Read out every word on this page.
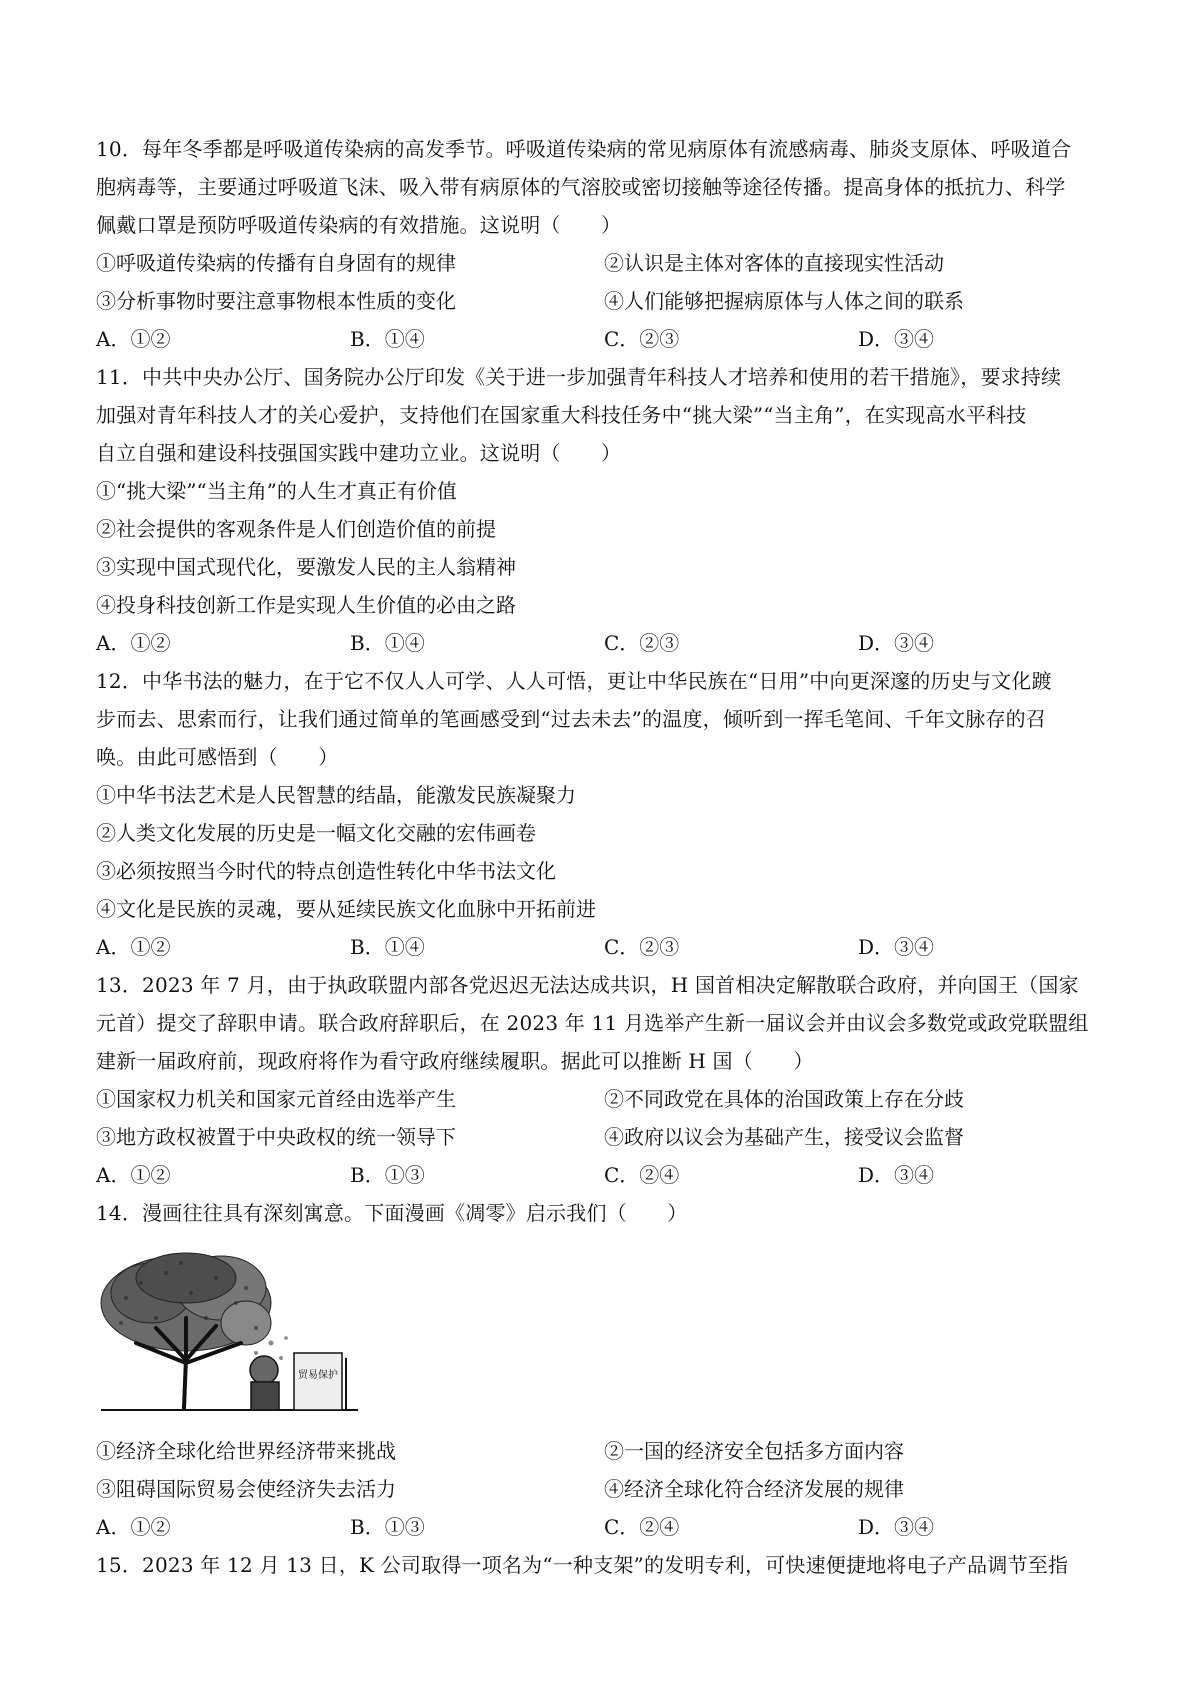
10．每年冬季都是呼吸道传染病的高发季节。呼吸道传染病的常见病原体有流感病毒、肺炎支原体、呼吸道合
胞病毒等，主要通过呼吸道飞沫、吸入带有病原体的气溶胶或密切接触等途径传播。提高身体的抵抗力、科学
佩戴口罩是预防呼吸道传染病的有效措施。这说明（　　）
①呼吸道传染病的传播有自身固有的规律	②认识是主体对客体的直接现实性活动
③分析事物时要注意事物根本性质的变化	④人们能够把握病原体与人体之间的联系
A．①②	B．①④	C．②③	D．③④
11．中共中央办公厅、国务院办公厅印发《关于进一步加强青年科技人才培养和使用的若干措施》，要求持续
加强对青年科技人才的关心爱护，支持他们在国家重大科技任务中“挑大梁”“当主角”，在实现高水平科技
自立自强和建设科技强国实践中建功立业。这说明（　　）
①“挑大梁”“当主角”的人生才真正有价值
②社会提供的客观条件是人们创造价值的前提
③实现中国式现代化，要激发人民的主人翁精神
④投身科技创新工作是实现人生价值的必由之路
A．①②	B．①④	C．②③	D．③④
12．中华书法的魅力，在于它不仅人人可学、人人可悟，更让中华民族在“日用”中向更深邃的历史与文化踱
步而去、思索而行，让我们通过简单的笔画感受到“过去未去”的温度，倾听到一挥毛笔间、千年文脉存的召
唤。由此可感悟到（　　）
①中华书法艺术是人民智慧的结晶，能激发民族凝聚力
②人类文化发展的历史是一幅文化交融的宏伟画卷
③必须按照当今时代的特点创造性转化中华书法文化
④文化是民族的灵魂，要从延续民族文化血脉中开拓前进
A．①②	B．①④	C．②③	D．③④
13．2023 年 7 月，由于执政联盟内部各党迟迟无法达成共识，H 国首相决定解散联合政府，并向国王（国家
元首）提交了辞职申请。联合政府辞职后，在 2023 年 11 月选举产生新一届议会并由议会多数党或政党联盟组
建新一届政府前，现政府将作为看守政府继续履职。据此可以推断 H 国（　　）
①国家权力机关和国家元首经由选举产生	②不同政党在具体的治国政策上存在分歧
③地方政权被置于中央政权的统一领导下	④政府以议会为基础产生，接受议会监督
A．①②	B．①③	C．②④	D．③④
14．漫画往往具有深刻寓意。下面漫画《凋零》启示我们（　　）
贸易保护
①经济全球化给世界经济带来挑战	②一国的经济安全包括多方面内容
③阻碍国际贸易会使经济失去活力	④经济全球化符合经济发展的规律
A．①②	B．①③	C．②④	D．③④
15．2023 年 12 月 13 日，K 公司取得一项名为“一种支架”的发明专利，可快速便捷地将电子产品调节至指
